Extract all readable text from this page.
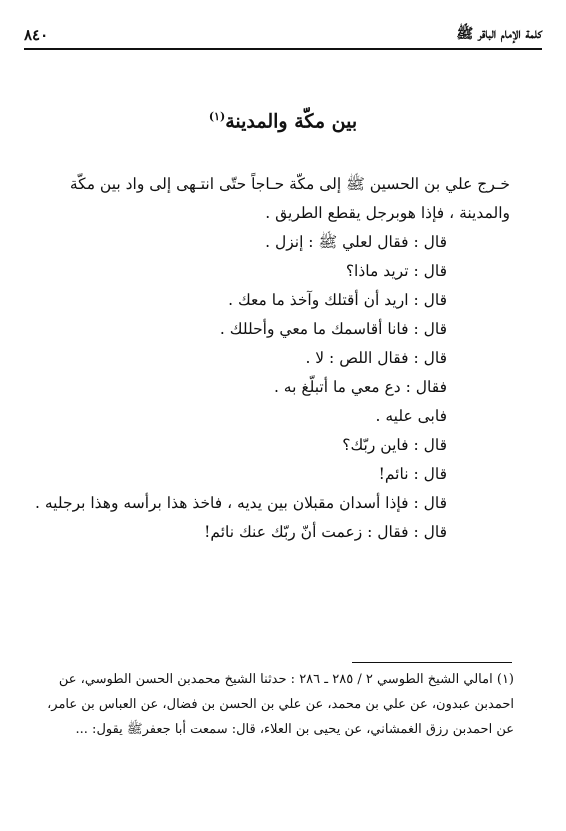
٨٤٠	كلمة الإمام الباقر ﷺ
بين مكّة والمدينة$^{(١)}$
خـرج علي بن الحسين ﷺ إلى مكّة حـاجاً حتّى انتـهى إلى واد بين مكّة
والمدينة ، فإذا هوبرجل يقطع الطريق .
قال : فقال لعلي ﷺ : إنزل .
قال : تريد ماذا؟
قال : اريد أن أقتلك وآخذ ما معك .
قال : فانا أقاسمك ما معي وأحللك .
قال : فقال اللص : لا .
فقال : دع معي ما أتبلّغ به .
فابى عليه .
قال : فاين ربّك؟
قال : نائم!
قال : فإذا أسدان مقبلان بين يديه ، فاخذ هذا برأسه وهذا برجليه .
قال : فقال : زعمت أنّ ربّك عنك نائم!
(١) امالي الشيخ الطوسي ٢ / ٢٨٥ ـ ٢٨٦ : حدثنا الشيخ محمدبن الحسن الطوسي، عن
احمدبن عبدون، عن علي بن محمد، عن علي بن الحسن بن فضال، عن العباس بن عامر،
عن احمدبن رزق الغمشاني، عن يحيى بن العلاء، قال: سمعت أبا جعفرﷺ يقول: ...
